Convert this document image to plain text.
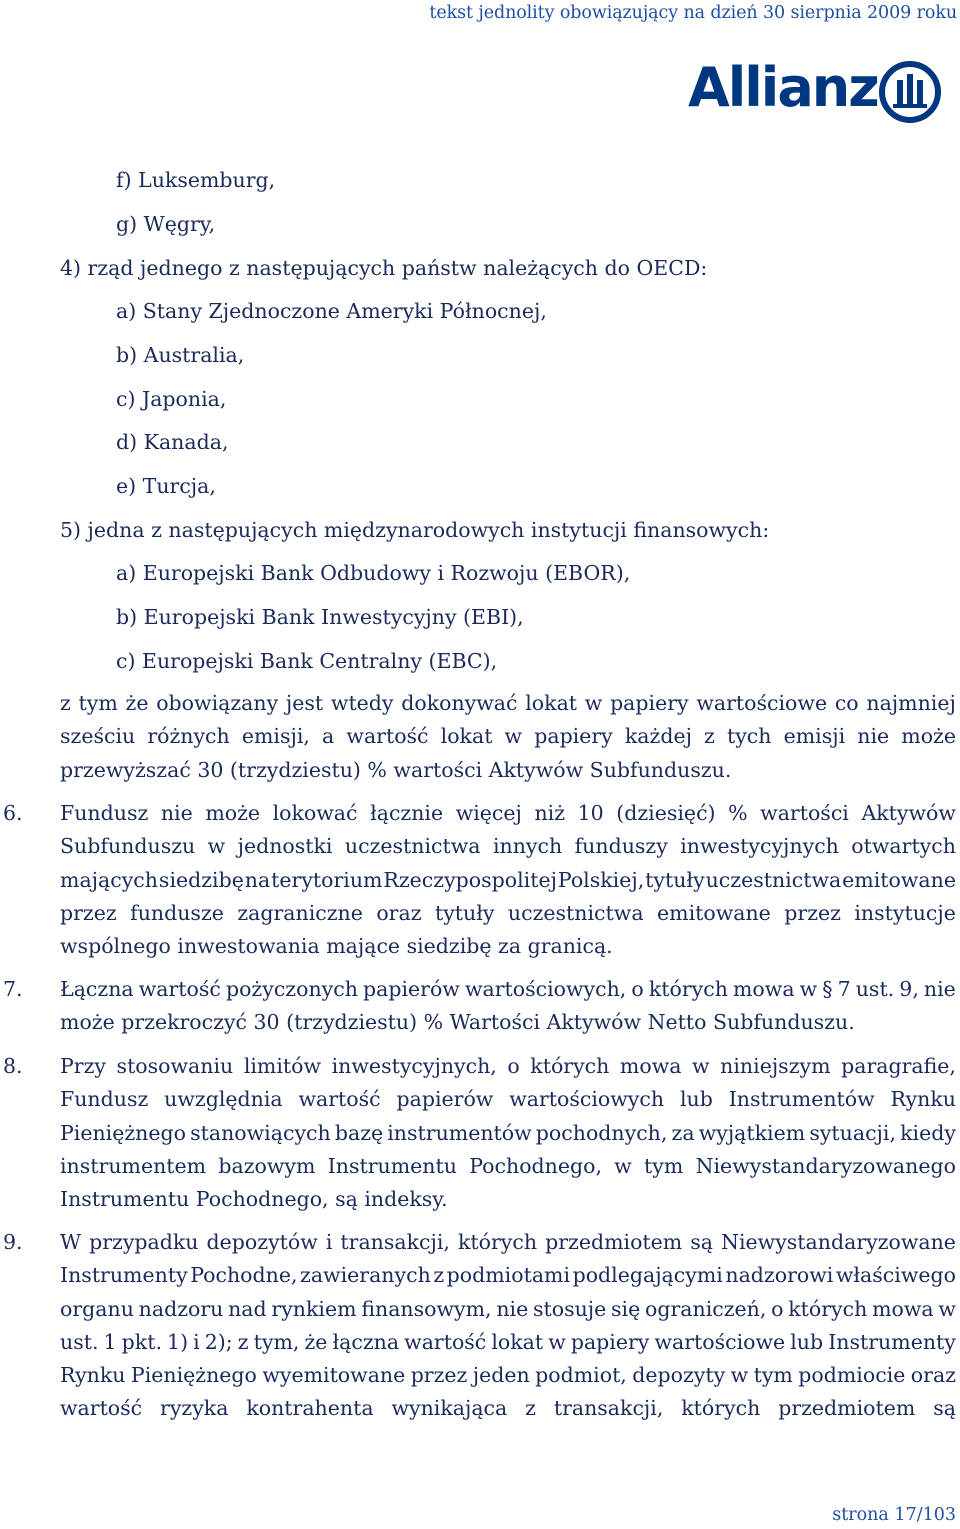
tekst jednolity obowiązujący na dzień 30 sierpnia 2009 roku
Allianz
f) Luksemburg,
g) Węgry,
4) rząd jednego z następujących państw należących do OECD:
a) Stany Zjednoczone Ameryki Północnej,
b) Australia,
c) Japonia,
d) Kanada,
e) Turcja,
5) jedna z następujących międzynarodowych instytucji finansowych:
a) Europejski Bank Odbudowy i Rozwoju (EBOR),
b) Europejski Bank Inwestycyjny (EBI),
c) Europejski Bank Centralny (EBC),
z tym że obowiązany jest wtedy dokonywać lokat w papiery wartościowe co najmniej
sześciu różnych emisji, a wartość lokat w papiery każdej z tych emisji nie może
przewyższać 30 (trzydziestu) % wartości Aktywów Subfunduszu.
6. Fundusz nie może lokować łącznie więcej niż 10 (dziesięć) % wartości Aktywów
Subfunduszu w jednostki uczestnictwa innych funduszy inwestycyjnych otwartych
mających siedzibę na terytorium Rzeczypospolitej Polskiej, tytuły uczestnictwa emitowane
przez fundusze zagraniczne oraz tytuły uczestnictwa emitowane przez instytucje
wspólnego inwestowania mające siedzibę za granicą.
7. Łączna wartość pożyczonych papierów wartościowych, o których mowa w § 7 ust. 9, nie
może przekroczyć 30 (trzydziestu) % Wartości Aktywów Netto Subfunduszu.
8. Przy stosowaniu limitów inwestycyjnych, o których mowa w niniejszym paragrafie,
Fundusz uwzględnia wartość papierów wartościowych lub Instrumentów Rynku
Pieniężnego stanowiących bazę instrumentów pochodnych, za wyjątkiem sytuacji, kiedy
instrumentem bazowym Instrumentu Pochodnego, w tym Niewystandaryzowanego
Instrumentu Pochodnego, są indeksy.
9. W przypadku depozytów i transakcji, których przedmiotem są Niewystandaryzowane
Instrumenty Pochodne, zawieranych z podmiotami podlegającymi nadzorowi właściwego
organu nadzoru nad rynkiem finansowym, nie stosuje się ograniczeń, o których mowa w
ust. 1 pkt. 1) i 2); z tym, że łączna wartość lokat w papiery wartościowe lub Instrumenty
Rynku Pieniężnego wyemitowane przez jeden podmiot, depozyty w tym podmiocie oraz
wartość ryzyka kontrahenta wynikająca z transakcji, których przedmiotem są
strona 17/103
